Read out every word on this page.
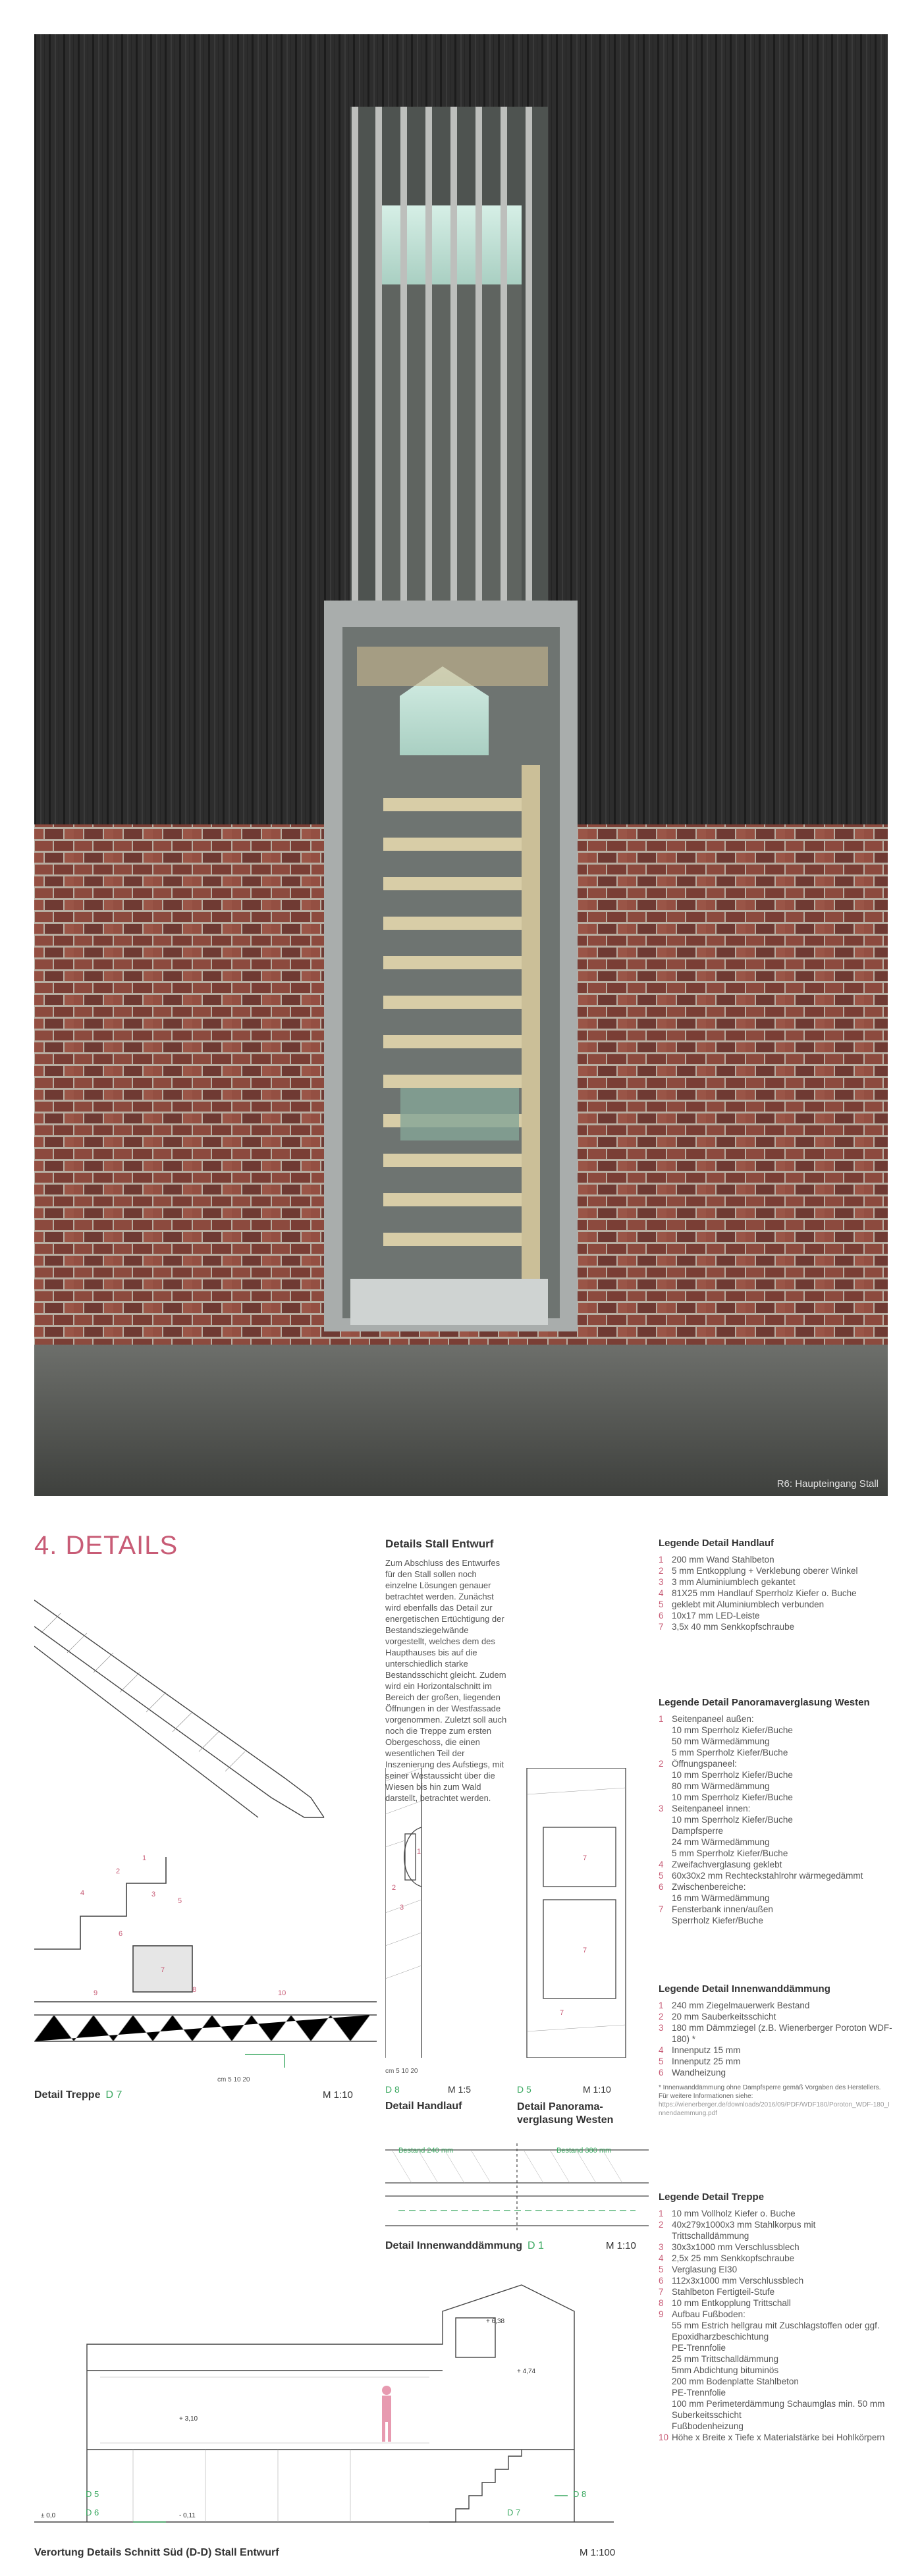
R6: Haupteingang Stall
4. DETAILS
1
2
3
4
5
6
7
8
9	10
Detail Treppe D 7	M 1:10
cm 5 10 20
Details Stall Entwurf
Zum Abschluss des Entwurfes für den Stall sollen noch einzelne Lösungen genauer betrachtet werden. Zunächst wird ebenfalls das Detail zur energetischen Ertüchtigung der Bestandsziegelwände vorgestellt, welches dem des Haupthauses bis auf die unterschiedlich starke Bestandsschicht gleicht. Zudem wird ein Horizontalschnitt im Bereich der großen, liegenden Öffnungen in der Westfassade vorgenommen. Zuletzt soll auch noch die Treppe zum ersten Obergeschoss, die einen wesentlichen Teil der Inszenierung des Aufstiegs, mit seiner Westaussicht über die Wiesen bis hin zum Wald darstellt, betrachtet werden.
1
2
3
7
7
7
cm 5 10 20
D 8	M 1:5	D 5	M 1:10
Detail Handlauf	Detail Panorama-
verglasung Westen
Bestand 240 mm	Bestand 380 mm
Detail Innenwanddämmung D 1	M 1:10
+ 6,38
+ 4,74
+ 3,10
± 0,0	- 0,11
D 5
D 6	D 7
D 8
Verortung Details Schnitt Süd (D-D) Stall Entwurf	M 1:100
Legende Detail Handlauf
1 200 mm Wand Stahlbeton
2 5 mm Entkopplung + Verklebung oberer Winkel
3 3 mm Aluminiumblech gekantet
4 81X25 mm Handlauf Sperrholz Kiefer o. Buche
5 geklebt mit Aluminiumblech verbunden
6 10x17 mm LED-Leiste
7 3,5x 40 mm Senkkopfschraube
Legende Detail Panoramaverglasung Westen
1 Seitenpaneel außen:
10 mm Sperrholz Kiefer/Buche
50 mm Wärmedämmung
5 mm Sperrholz Kiefer/Buche
2 Öffnungspaneel:
10 mm Sperrholz Kiefer/Buche
80 mm Wärmedämmung
10 mm Sperrholz Kiefer/Buche
3 Seitenpaneel innen:
10 mm Sperrholz Kiefer/Buche
Dampfsperre
24 mm Wärmedämmung
5 mm Sperrholz Kiefer/Buche
4 Zweifachverglasung geklebt
5 60x30x2 mm Rechteckstahlrohr wärmegedämmt
6 Zwischenbereiche:
16 mm Wärmedämmung
7 Fensterbank innen/außen
Sperrholz Kiefer/Buche
Legende Detail Innenwanddämmung
1 240 mm Ziegelmauerwerk Bestand
2 20 mm Sauberkeitsschicht
3 180 mm Dämmziegel (z.B. Wienerberger Poroton WDF-180) *
4 Innenputz 15 mm
5 Innenputz 25 mm
6 Wandheizung
* Innenwanddämmung ohne Dampfsperre gemäß Vorgaben des Herstellers. Für weitere Informationen siehe:
https://wienerberger.de/downloads/2016/09/PDF/WDF180/Poroton_WDF-180_Innendaemmung.pdf
Legende Detail Treppe
1 10 mm Vollholz Kiefer o. Buche
2 40x279x1000x3 mm Stahlkorpus mit Trittschalldämmung
3 30x3x1000 mm Verschlussblech
4 2,5x 25 mm Senkkopfschraube
5 Verglasung EI30
6 112x3x1000 mm Verschlussblech
7 Stahlbeton Fertigteil-Stufe
8 10 mm Entkopplung Trittschall
9 Aufbau Fußboden:
55 mm Estrich hellgrau mit Zuschlagstoffen oder ggf. Epoxidharzbeschichtung
PE-Trennfolie
25 mm Trittschalldämmung
5mm Abdichtung bituminös
200 mm Bodenplatte Stahlbeton
PE-Trennfolie
100 mm Perimeterdämmung Schaumglas min. 50 mm Suberkeitsschicht
Fußbodenheizung
10 Höhe x Breite x Tiefe x Materialstärke bei Hohlkörpern
